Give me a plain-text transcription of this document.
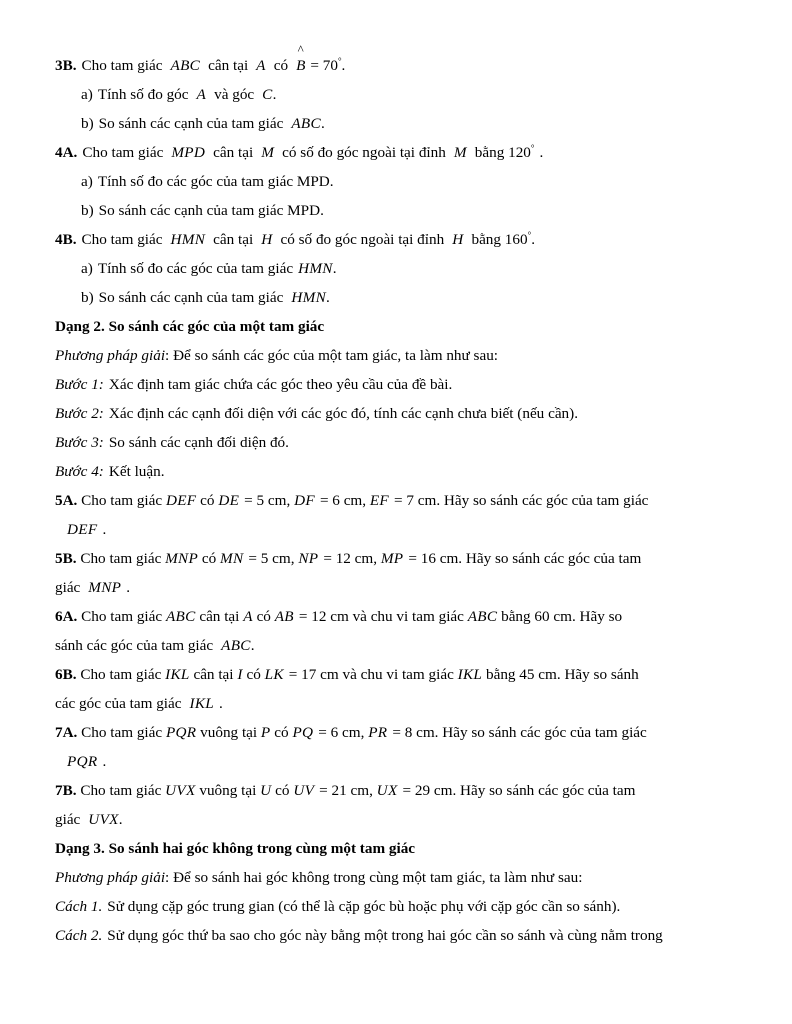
3B. Cho tam giác ABC cân tại A có
^
B = 70°.

a) Tính số đo góc A và góc C.

b) So sánh các cạnh của tam giác ABC.

4A. Cho tam giác MPD cân tại M có số đo góc ngoài tại đỉnh M bằng 120° .

a) Tính số đo các góc của tam giác MPD.

b) So sánh các cạnh của tam giác MPD.

4B. Cho tam giác HMN cân tại H có số đo góc ngoài tại đỉnh H bằng 160°.

a) Tính số đo các góc của tam giác HMN.

b) So sánh các cạnh của tam giác HMN.

Dạng 2. So sánh các góc của một tam giác

Phương pháp giải: Để so sánh các góc của một tam giác, ta làm như sau:

Bước 1: Xác định tam giác chứa các góc theo yêu cầu của đề bài.

Bước 2: Xác định các cạnh đối diện với các góc đó, tính các cạnh chưa biết (nếu cần).

Bước 3: So sánh các cạnh đối diện đó.

Bước 4: Kết luận.

5A. Cho tam giác DEF có DE = 5 cm, DF = 6 cm, EF = 7 cm. Hãy so sánh các góc của tam giác

DEF .

5B. Cho tam giác MNP có MN = 5 cm, NP = 12 cm, MP = 16 cm. Hãy so sánh các góc của tam

giác MNP .

6A. Cho tam giác ABC cân tại A có AB = 12 cm và chu vi tam giác ABC bằng 60 cm. Hãy so

sánh các góc của tam giác ABC.

6B. Cho tam giác IKL cân tại I có LK = 17 cm và chu vi tam giác IKL bằng 45 cm. Hãy so sánh

các góc của tam giác IKL .

7A. Cho tam giác PQR vuông tại P có PQ = 6 cm, PR = 8 cm. Hãy so sánh các góc của tam giác

PQR .

7B. Cho tam giác UVX vuông tại U có UV = 21 cm, UX = 29 cm. Hãy so sánh các góc của tam

giác UVX.

Dạng 3. So sánh hai góc không trong cùng một tam giác

Phương pháp giải: Để so sánh hai góc không trong cùng một tam giác, ta làm như sau:

Cách 1. Sử dụng cặp góc trung gian (có thể là cặp góc bù hoặc phụ với cặp góc cần so sánh).

Cách 2. Sử dụng góc thứ ba sao cho góc này bằng một trong hai góc cần so sánh và cùng nằm trong
